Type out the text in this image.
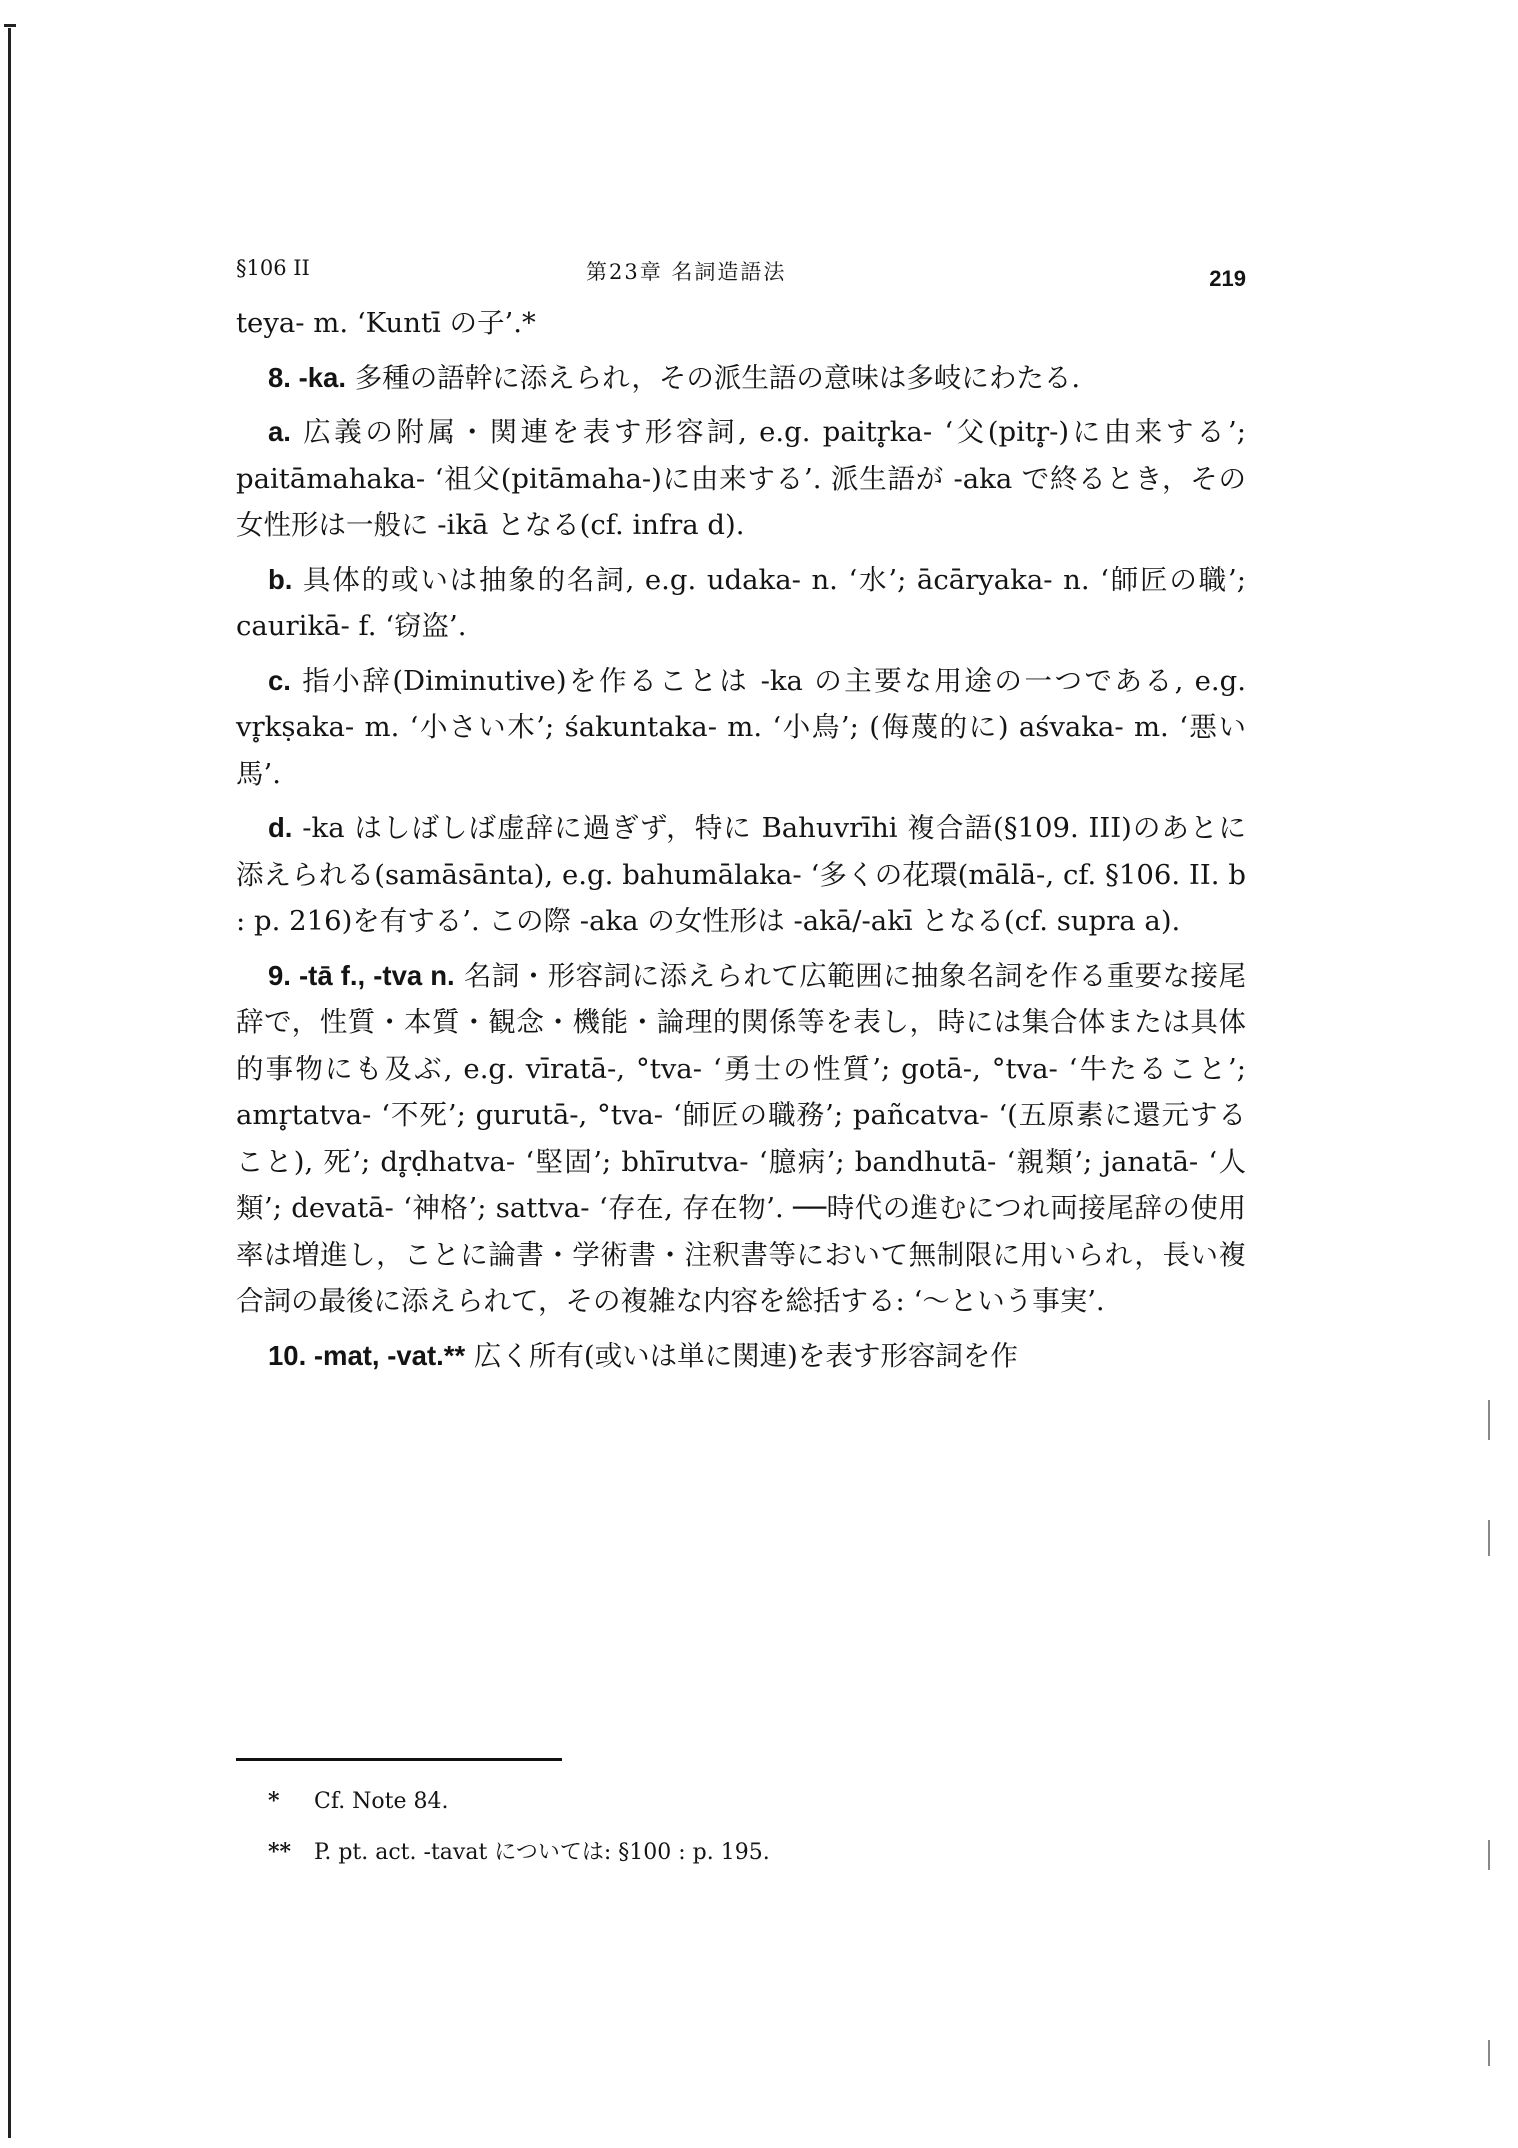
§106 II	第23章 名詞造語法	219

teya- m. ‘Kuntī の子’.*

8. -ka. 多種の語幹に添えられ，その派生語の意味は多岐にわたる.

a. 広義の附属・関連を表す形容詞, e.g. paitr̥ka- ‘父(pitr̥-)に由来する’; paitāmahaka- ‘祖父(pitāmaha-)に由来する’. 派生語が -aka で終るとき，その女性形は一般に -ikā となる(cf. infra d).

b. 具体的或いは抽象的名詞, e.g. udaka- n. ‘水’; ācāryaka- n. ‘師匠の職’; caurikā- f. ‘窃盗’.

c. 指小辞(Diminutive)を作ることは -ka の主要な用途の一つである, e.g. vr̥kṣaka- m. ‘小さい木’; śakuntaka- m. ‘小鳥’; (侮蔑的に) aśvaka- m. ‘悪い馬’.

d. -ka はしばしば虚辞に過ぎず，特に Bahuvrīhi 複合語(§109. III)のあとに添えられる(samāsānta), e.g. bahumālaka- ‘多くの花環(mālā-, cf. §106. II. b : p. 216)を有する’. この際 -aka の女性形は -akā/-akī となる(cf. supra a).

9. -tā f., -tva n. 名詞・形容詞に添えられて広範囲に抽象名詞を作る重要な接尾辞で，性質・本質・観念・機能・論理的関係等を表し，時には集合体または具体的事物にも及ぶ, e.g. vīratā-, °tva- ‘勇士の性質’; gotā-, °tva- ‘牛たること’; amr̥tatva- ‘不死’; gurutā-, °tva- ‘師匠の職務’; pañcatva- ‘(五原素に還元すること), 死’; dr̥ḍhatva- ‘堅固’; bhīrutva- ‘臆病’; bandhutā- ‘親類’; janatā- ‘人類’; devatā- ‘神格’; sattva- ‘存在, 存在物’. ──時代の進むにつれ両接尾辞の使用率は増進し，ことに論書・学術書・注釈書等において無制限に用いられ，長い複合詞の最後に添えられて，その複雑な内容を総括する: ‘～という事実’.

10. -mat, -vat.** 広く所有(或いは単に関連)を表す形容詞を作

* Cf. Note 84.
** P. pt. act. -tavat については: §100 : p. 195.
